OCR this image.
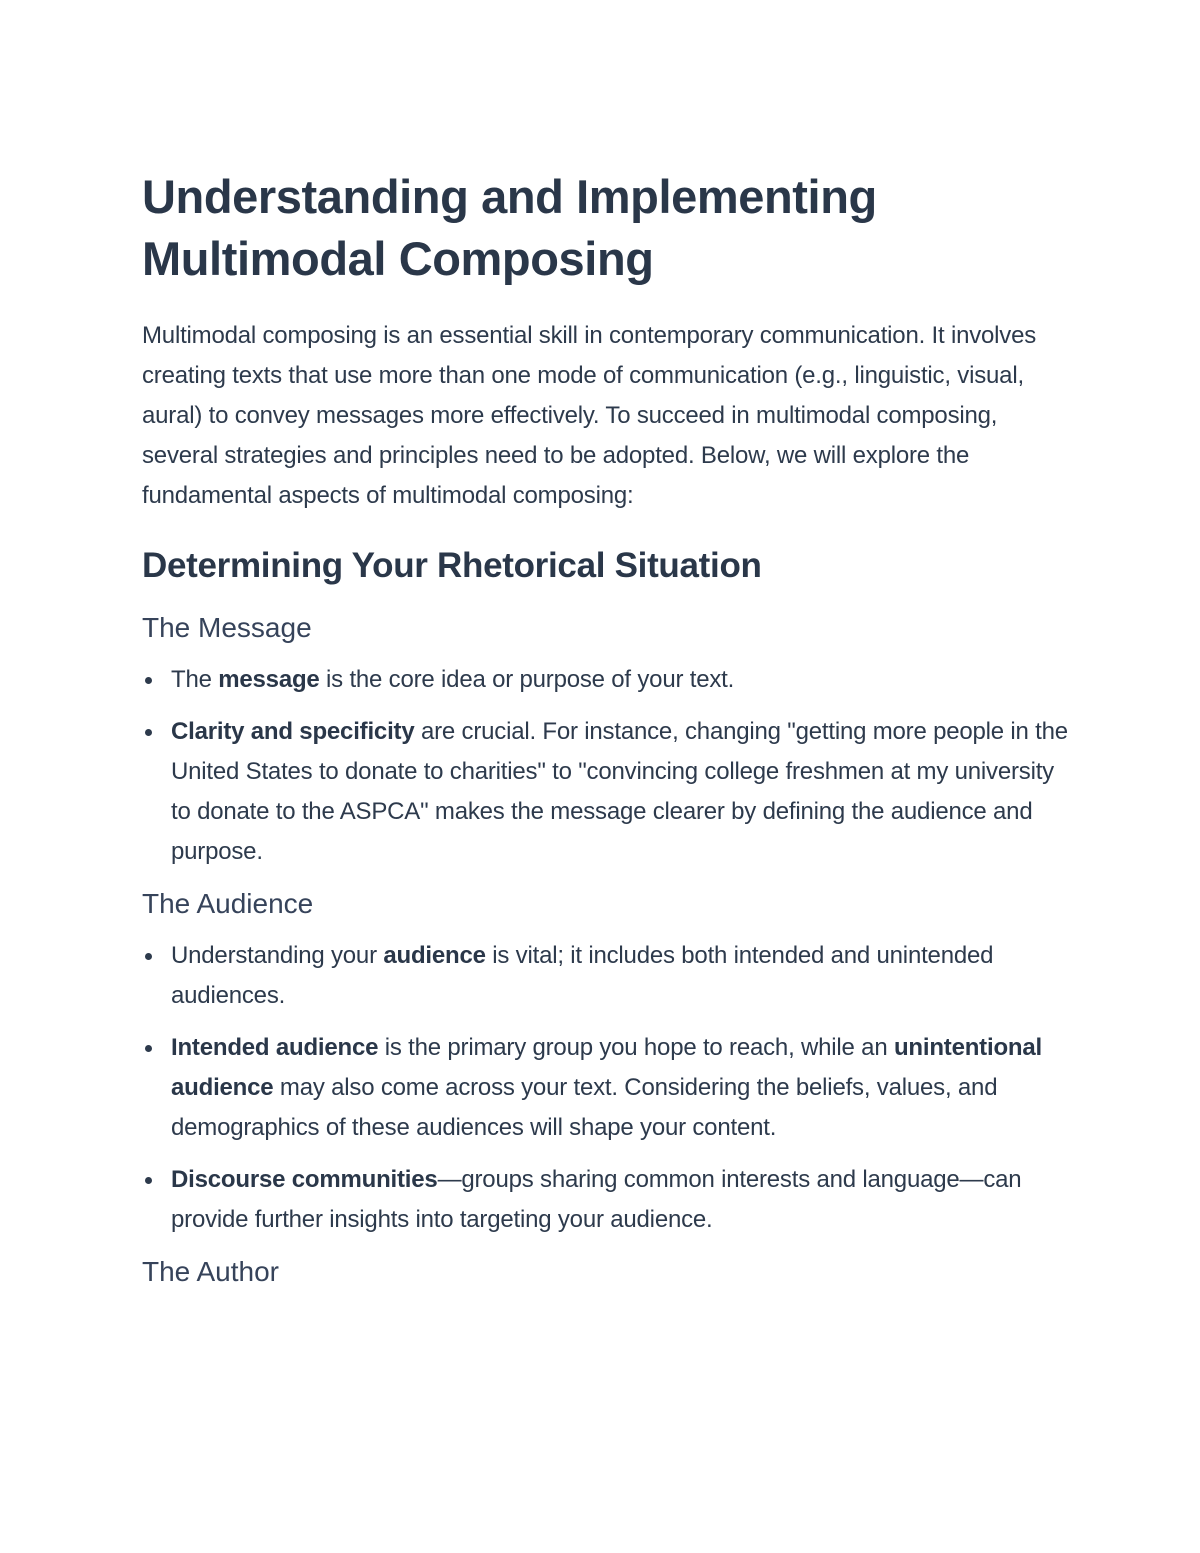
Understanding and Implementing Multimodal Composing

Multimodal composing is an essential skill in contemporary communication. It involves creating texts that use more than one mode of communication (e.g., linguistic, visual, aural) to convey messages more effectively. To succeed in multimodal composing, several strategies and principles need to be adopted. Below, we will explore the fundamental aspects of multimodal composing:

Determining Your Rhetorical Situation
The Message
The message is the core idea or purpose of your text.
Clarity and specificity are crucial. For instance, changing "getting more people in the United States to donate to charities" to "convincing college freshmen at my university to donate to the ASPCA" makes the message clearer by defining the audience and purpose.
The Audience
Understanding your audience is vital; it includes both intended and unintended audiences.
Intended audience is the primary group you hope to reach, while an unintentional audience may also come across your text. Considering the beliefs, values, and demographics of these audiences will shape your content.
Discourse communities—groups sharing common interests and language—can provide further insights into targeting your audience.
The Author
